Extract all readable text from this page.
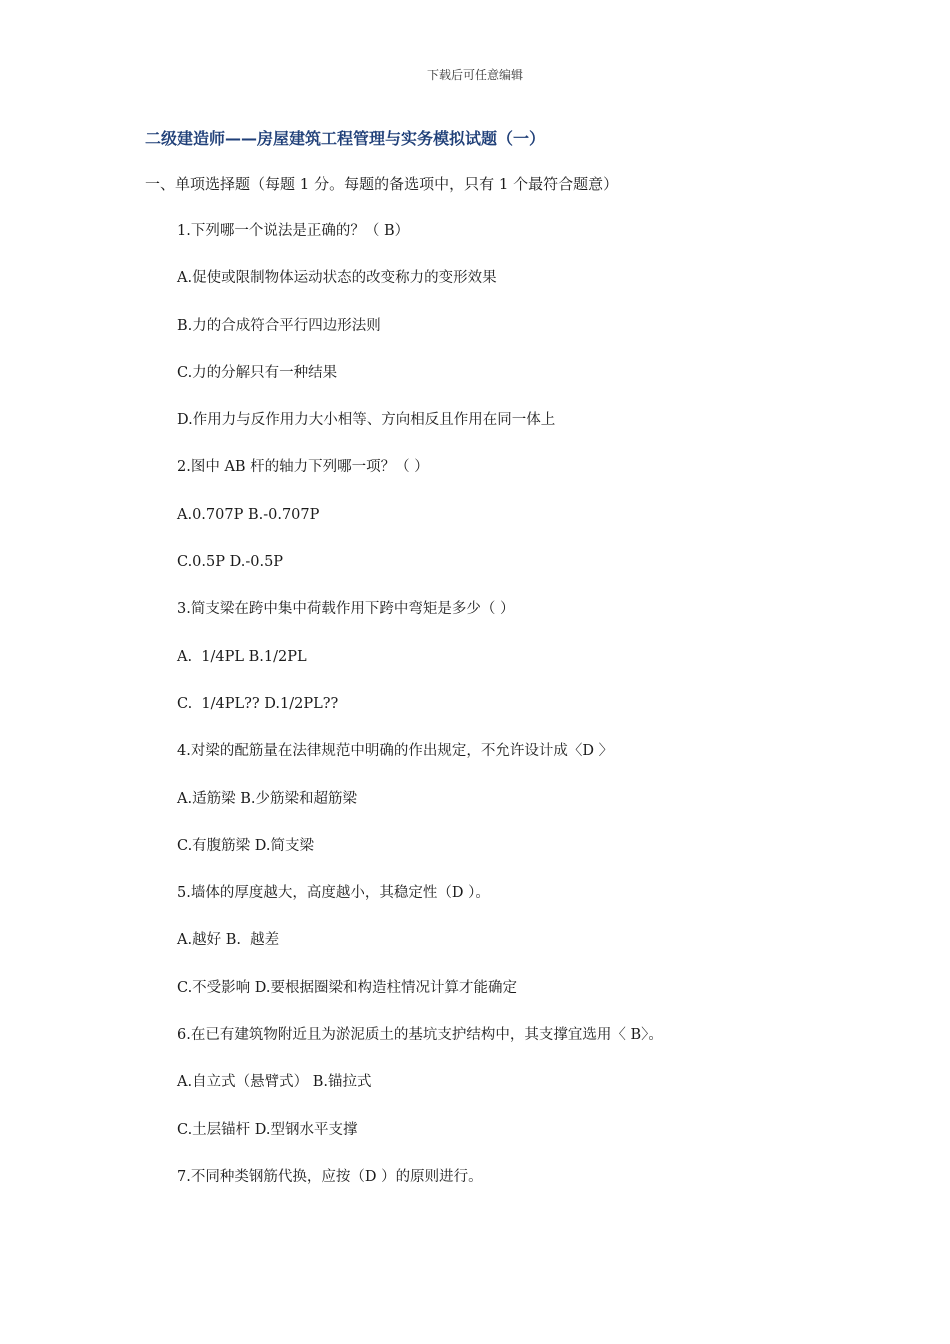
下载后可任意编辑
二级建造师——房屋建筑工程管理与实务模拟试题（一）
一、单项选择题（每题 1 分。每题的备选项中，只有 1 个最符合题意）
1.下列哪一个说法是正确的？（ B）
A.促使或限制物体运动状态的改变称力的变形效果
B.力的合成符合平行四边形法则
C.力的分解只有一种结果
D.作用力与反作用力大小相等、方向相反且作用在同一体上
2.图中 AB 杆的轴力下列哪一项？（ ）
A.0.707P B.-0.707P
C.0.5P D.-0.5P
3.简支梁在跨中集中荷载作用下跨中弯矩是多少（ ）
A.  1/4PL B.1/2PL
C.  1/4PL?? D.1/2PL??
4.对梁的配筋量在法律规范中明确的作出规定，不允许设计成〈D 〉
A.适筋梁 B.少筋梁和超筋梁
C.有腹筋梁 D.简支梁
5.墙体的厚度越大，高度越小，其稳定性（D ）。
A.越好 B.  越差
C.不受影响 D.要根据圈梁和构造柱情况计算才能确定
6.在已有建筑物附近且为淤泥质土的基坑支护结构中，其支撑宜选用〈 B〉。
A.自立式（悬臂式） B.锚拉式
C.土层锚杆 D.型钢水平支撑
7.不同种类钢筋代换，应按（D ）的原则进行。
